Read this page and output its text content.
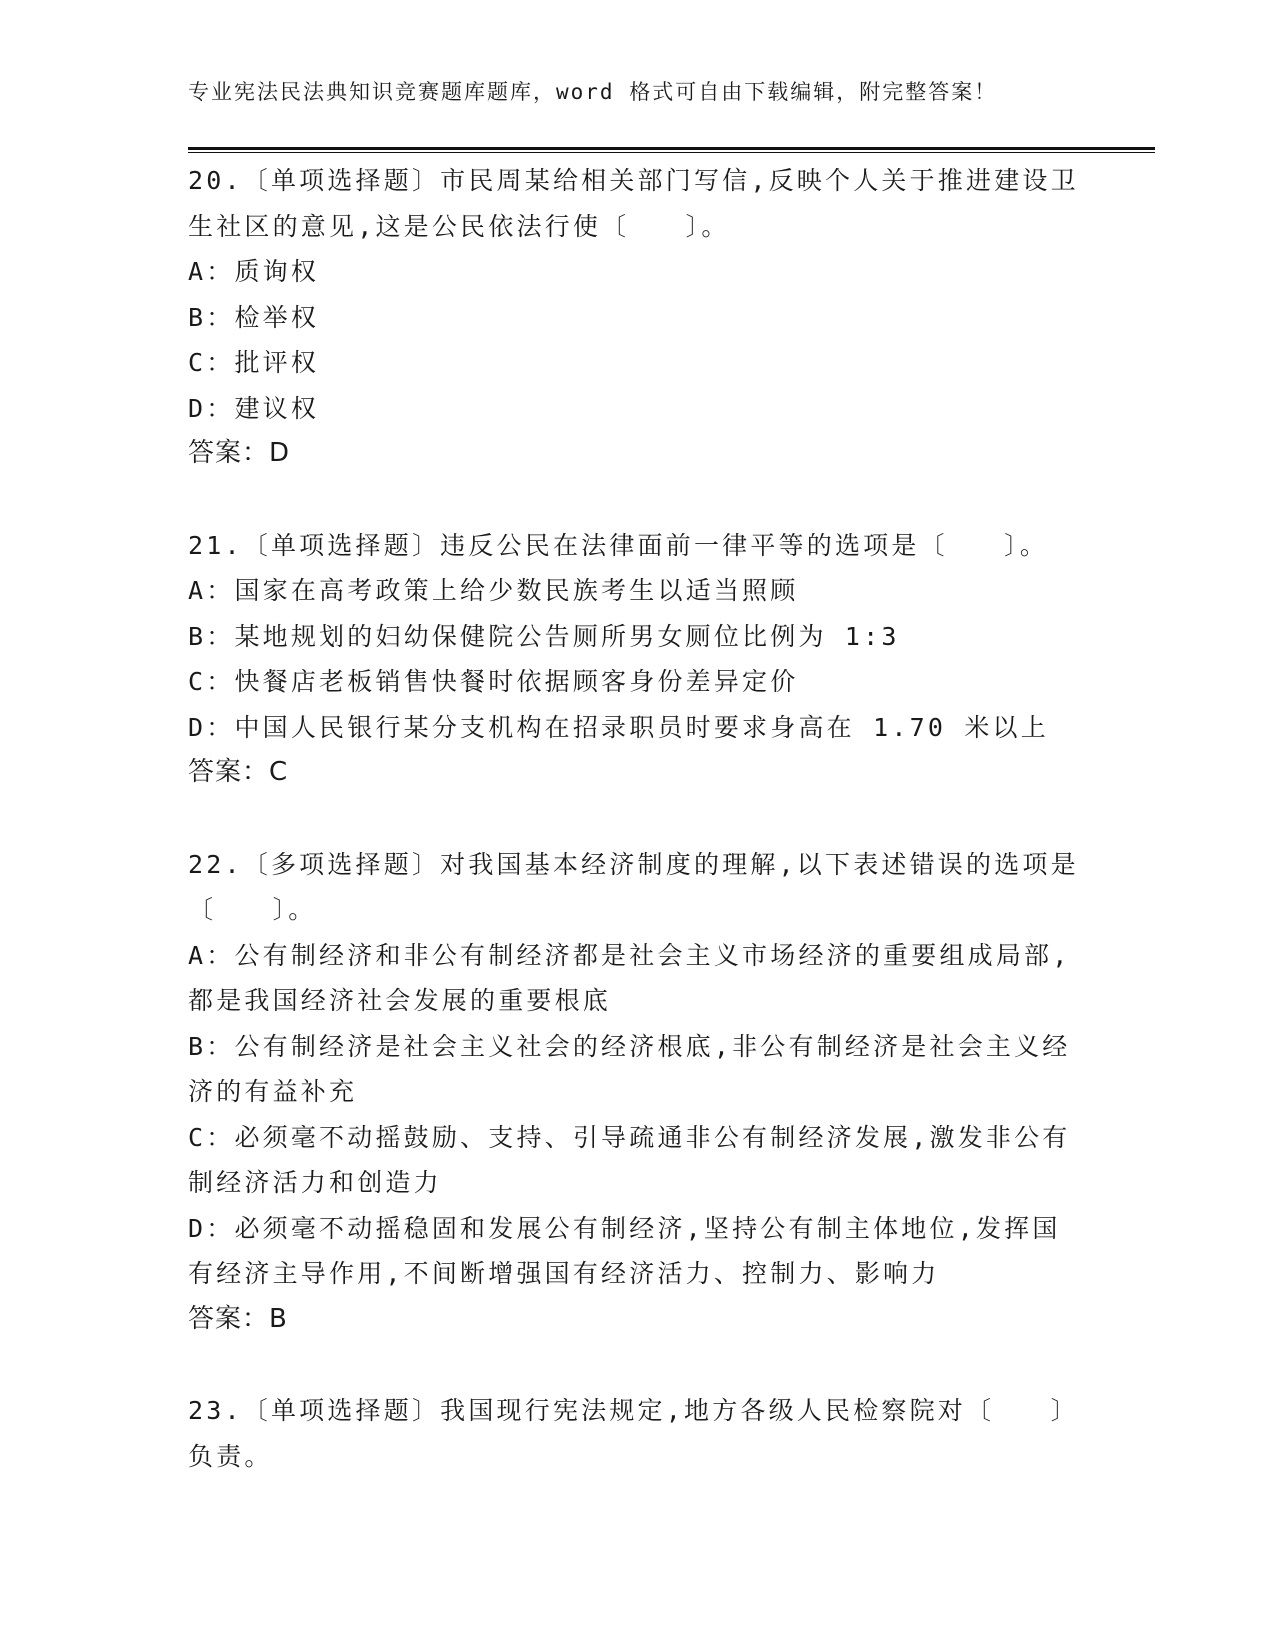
专业宪法民法典知识竞赛题库题库，word 格式可自由下载编辑，附完整答案！

20.〔单项选择题〕市民周某给相关部门写信,反映个人关于推进建设卫生社区的意见,这是公民依法行使〔　　〕。

A：质询权

B：检举权

C：批评权

D：建议权

答案：D

21.〔单项选择题〕违反公民在法律面前一律平等的选项是〔　　〕。

A：国家在高考政策上给少数民族考生以适当照顾

B：某地规划的妇幼保健院公告厕所男女厕位比例为 1:3

C：快餐店老板销售快餐时依据顾客身份差异定价

D：中国人民银行某分支机构在招录职员时要求身高在 1.70 米以上

答案：C

22.〔多项选择题〕对我国基本经济制度的理解,以下表述错误的选项是〔　　〕。

A：公有制经济和非公有制经济都是社会主义市场经济的重要组成局部,都是我国经济社会发展的重要根底

B：公有制经济是社会主义社会的经济根底,非公有制经济是社会主义经济的有益补充

C：必须毫不动摇鼓励、支持、引导疏通非公有制经济发展,激发非公有制经济活力和创造力

D：必须毫不动摇稳固和发展公有制经济,坚持公有制主体地位,发挥国有经济主导作用,不间断增强国有经济活力、控制力、影响力

答案：B

23.〔单项选择题〕我国现行宪法规定,地方各级人民检察院对〔　　〕负责。
